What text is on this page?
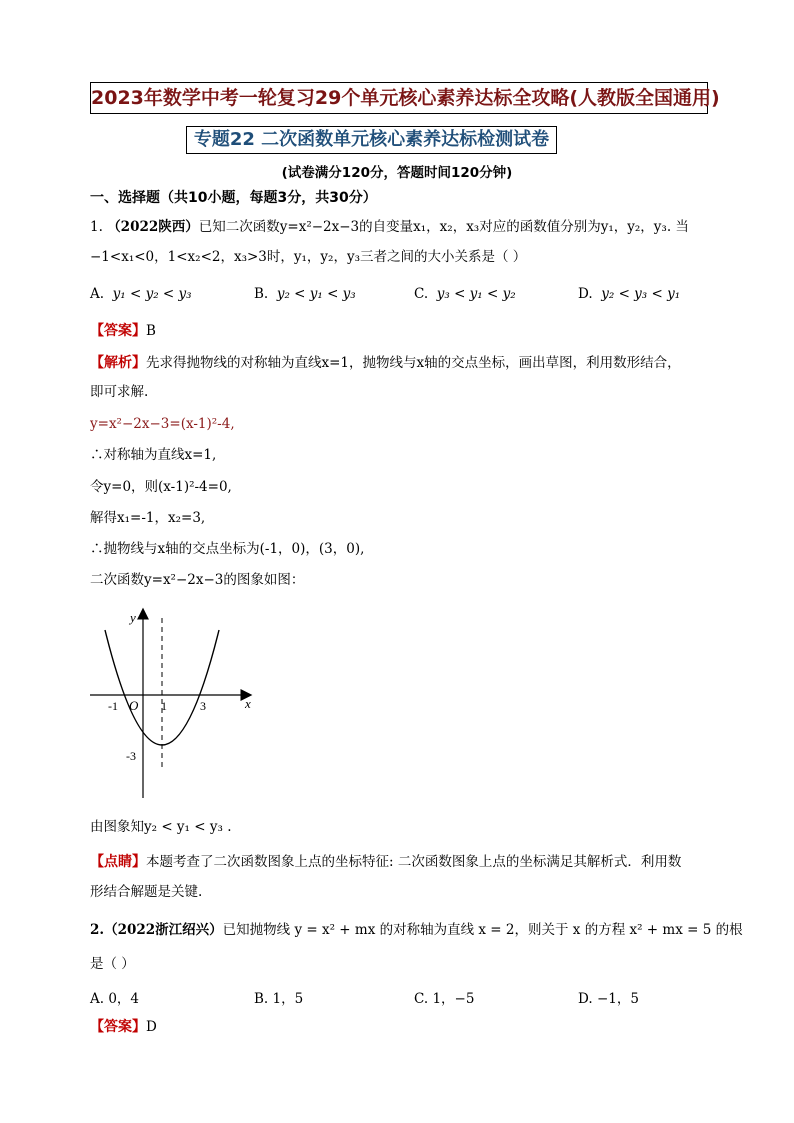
2023年数学中考一轮复习29个单元核心素养达标全攻略(人教版全国通用)
专题22 二次函数单元核心素养达标检测试卷
(试卷满分120分，答题时间120分钟)
一、选择题（共10小题，每题3分，共30分）
1. （2022陕西）已知二次函数y=x²−2x−3的自变量x₁，x₂，x₃对应的函数值分别为y₁，y₂，y₃. 当
−1<x₁<0，1<x₂<2，x₃>3时，y₁，y₂，y₃三者之间的大小关系是（ ）
A. y₁ < y₂ < y₃	B. y₂ < y₁ < y₃	C. y₃ < y₁ < y₂	D. y₂ < y₃ < y₁
【答案】B
【解析】先求得抛物线的对称轴为直线x=1，抛物线与x轴的交点坐标，画出草图，利用数形结合，
即可求解.
y=x²−2x−3=(x-1)²-4,
∴对称轴为直线x=1,
令y=0，则(x-1)²-4=0,
解得x₁=-1，x₂=3,
∴抛物线与x轴的交点坐标为(-1，0)，(3，0),
二次函数y=x²−2x−3的图象如图：
y
x
O
-1	1	3
-3
由图象知y₂ < y₁ < y₃ .
【点睛】本题考查了二次函数图象上点的坐标特征: 二次函数图象上点的坐标满足其解析式．利用数
形结合解题是关键.
2.（2022浙江绍兴）已知抛物线 y = x² + mx 的对称轴为直线 x = 2，则关于 x 的方程 x² + mx = 5 的根
是（ ）
A. 0，4	B. 1，5	C. 1，−5	D. −1，5
【答案】D
